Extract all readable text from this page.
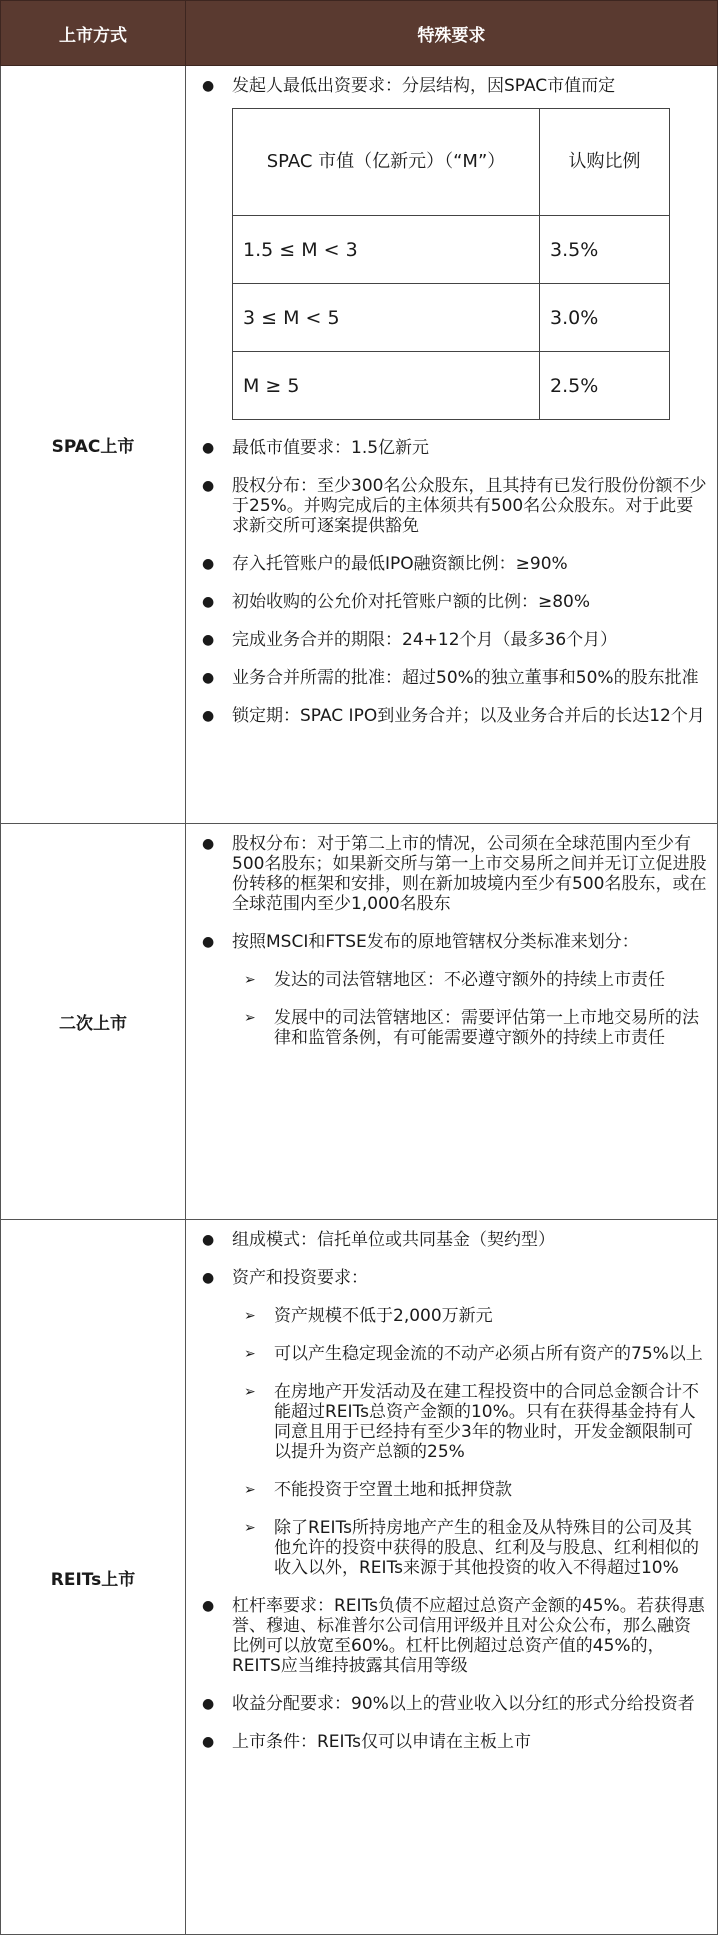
上市方式	特殊要求
SPAC上市	
● 发起人最低出资要求：分层结构，因SPAC市值而定
SPAC 市值（亿新元）（“M”）	认购比例
1.5 ≤ M < 3	3.5%
3 ≤ M < 5	3.0%
M ≥ 5	2.5%
● 最低市值要求：1.5亿新元
● 股权分布：至少300名公众股东，且其持有已发行股份份额不少于25%。并购完成后的主体须共有500名公众股东。对于此要求新交所可逐案提供豁免
● 存入托管账户的最低IPO融资额比例：≥90%
● 初始收购的公允价对托管账户额的比例：≥80%
● 完成业务合并的期限：24+12个月（最多36个月）
● 业务合并所需的批准：超过50%的独立董事和50%的股东批准
● 锁定期：SPAC IPO到业务合并；以及业务合并后的长达12个月

二次上市	
● 股权分布：对于第二上市的情况，公司须在全球范围内至少有500名股东；如果新交所与第一上市交易所之间并无订立促进股份转移的框架和安排，则在新加坡境内至少有500名股东，或在全球范围内至少1,000名股东
● 按照MSCI和FTSE发布的原地管辖权分类标准来划分：
➢ 发达的司法管辖地区：不必遵守额外的持续上市责任
➢ 发展中的司法管辖地区：需要评估第一上市地交易所的法律和监管条例，有可能需要遵守额外的持续上市责任

REITs上市	
● 组成模式：信托单位或共同基金（契约型）
● 资产和投资要求：
➢ 资产规模不低于2,000万新元
➢ 可以产生稳定现金流的不动产必须占所有资产的75%以上
➢ 在房地产开发活动及在建工程投资中的合同总金额合计不能超过REITs总资产金额的10%。只有在获得基金持有人同意且用于已经持有至少3年的物业时，开发金额限制可以提升为资产总额的25%
➢ 不能投资于空置土地和抵押贷款
➢ 除了REITs所持房地产产生的租金及从特殊目的公司及其他允许的投资中获得的股息、红利及与股息、红利相似的收入以外，REITs来源于其他投资的收入不得超过10%
● 杠杆率要求：REITs负债不应超过总资产金额的45%。若获得惠誉、穆迪、标准普尔公司信用评级并且对公众公布，那么融资比例可以放宽至60%。杠杆比例超过总资产值的45%的，REITS应当维持披露其信用等级
● 收益分配要求：90%以上的营业收入以分红的形式分给投资者
● 上市条件：REITs仅可以申请在主板上市
